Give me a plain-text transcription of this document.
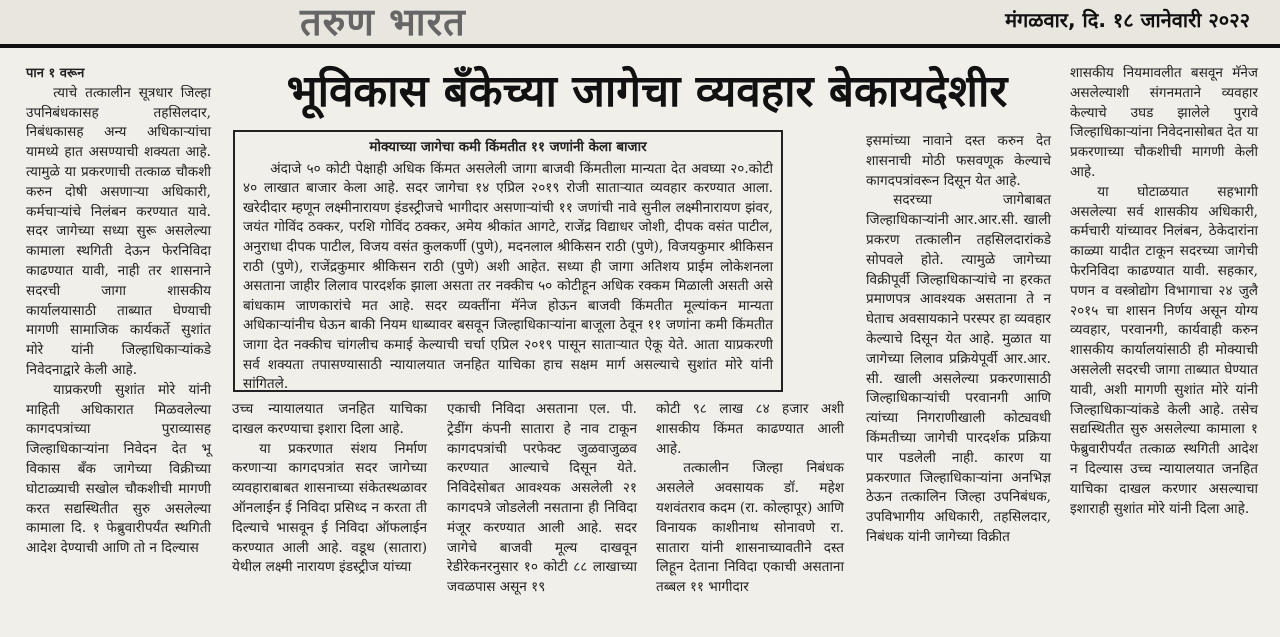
तरुण भारत	मंगळवार, दि. १८ जानेवारी २०२२
भूविकास बँकेच्या जागेचा व्यवहार बेकायदेशीर

पान १ वरून

त्याचे तत्कालीन सूत्रधार जिल्हा उपनिबंधकासह तहसिलदार, निबंधकासह अन्य अधिकाऱ्यांचा यामध्ये हात असण्याची शक्यता आहे. त्यामुळे या प्रकरणाची तत्काळ चौकशी करुन दोषी असणाऱ्या अधिकारी, कर्मचाऱ्यांचे निलंबन करण्यात यावे. सदर जागेच्या सध्या सुरू असलेल्या कामाला स्थगिती देऊन फेरनिविदा काढण्यात यावी, नाही तर शासनाने सदरची जागा शासकीय कार्यालयासाठी ताब्यात घेण्याची मागणी सामाजिक कार्यकर्ते सुशांत मोरे यांनी जिल्हाधिकाऱ्यांकडे निवेदनाद्वारे केली आहे.

याप्रकरणी सुशांत मोरे यांनी माहिती अधिकारात मिळवलेल्या कागदपत्रांच्या पुराव्यासह जिल्हाधिकाऱ्यांना निवेदन देत भू विकास बँक जागेच्या विक्रीच्या घोटाळ्याची सखोल चौकशीची मागणी करत सद्यस्थितीत सुरु असलेल्या कामाला दि. १ फेब्रुवारीपर्यंत स्थगिती आदेश देण्याची आणि तो न दिल्यास

मोक्याच्या जागेचा कमी किंमतीत ११ जणांनी केला बाजार

अंदाजे ५० कोटी पेक्षाही अधिक किंमत असलेली जागा बाजवी किंमतीला मान्यता देत अवघ्या २०.कोटी ४० लाखात बाजार केला आहे. सदर जागेचा १४ एप्रिल २०१९ रोजी सातार्‍यात व्यवहार करण्यात आला. खरेदीदार म्हणून लक्ष्मीनारायण इंडस्ट्रीजचे भागीदार असणाऱ्यांची ११ जणांची नावे सुनील लक्ष्मीनारायण झंवर, जयंत गोविंद ठक्कर, परशि गोविंद ठक्कर, अमेय श्रीकांत आगटे, राजेंद्र विद्याधर जोशी, दीपक वसंत पाटील, अनुराधा दीपक पाटील, विजय वसंत कुलकर्णी (पुणे), मदनलाल श्रीकिसन राठी (पुणे), विजयकुमार श्रीकिसन राठी (पुणे), राजेंद्रकुमार श्रीकिसन राठी (पुणे) अशी आहेत. सध्या ही जागा अतिशय प्राईम लोकेशनला असताना जाहीर लिलाव पारदर्शक झाला असता तर नक्कीच ५० कोटीहून अधिक रक्कम मिळाली असती असे बांधकाम जाणकारांचे मत आहे. सदर व्यक्तींना मॅनेज होऊन बाजवी किंमतीत मूल्यांकन मान्यता अधिकाऱ्यांनीच घेऊन बाकी नियम धाब्यावर बसवून जिल्हाधिकाऱ्यांना बाजूला ठेवून ११ जणांना कमी किंमतीत जागा देत नक्कीच चांगलीच कमाई केल्याची चर्चा एप्रिल २०१९ पासून सातार्‍यात ऐकू येते. आता याप्रकरणी सर्व शक्यता तपासण्यासाठी न्यायालयात जनहित याचिका हाच सक्षम मार्ग असल्याचे सुशांत मोरे यांनी सांगितले.

उच्च न्यायालयात जनहित याचिका दाखल करण्याचा इशारा दिला आहे.

या प्रकरणात संशय निर्माण करणाऱ्या कागदपत्रांत सदर जागेच्या व्यवहाराबाबत शासनाच्या संकेतस्थळावर ऑनलाईन ई निविदा प्रसिध्द न करता ती दिल्याचे भासवून ई निविदा ऑफलाईन करण्यात आली आहे. वडूथ (सातारा) येथील लक्ष्मी नारायण इंडस्ट्रीज यांच्या

एकाची निविदा असताना एल. पी. ट्रेडींग कंपनी सातारा हे नाव टाकून कागदपत्रांची परफेक्ट जुळवाजुळव करण्यात आल्याचे दिसून येते. निविदेसोबत आवश्यक असलेली २१ कागदपत्रे जोडलेली नसताना ही निविदा मंजूर करण्यात आली आहे. सदर जागेचे बाजवी मूल्य दाखवून रेडीरेकनरनुसार १० कोटी ८८ लाखाच्या जवळपास असून १९

कोटी ९८ लाख ८४ हजार अशी शासकीय किंमत काढण्यात आली आहे.

तत्कालीन जिल्हा निबंधक असलेले अवसायक डॉ. महेश यशवंतराव कदम (रा. कोल्हापूर) आणि विनायक काशीनाथ सोनावणे रा. सातारा यांनी शासनाच्यावतीने दस्त लिहून देताना निविदा एकाची असताना तब्बल ११ भागीदार

इसमांच्या नावाने दस्त करुन देत शासनाची मोठी फसवणूक केल्याचे कागदपत्रांवरून दिसून येत आहे.

सदरच्या जागेबाबत जिल्हाधिकाऱ्यांनी आर.आर.सी. खाली प्रकरण तत्कालीन तहसिलदारांकडे सोपवले होते. त्यामुळे जागेच्या विक्रीपूर्वी जिल्हाधिकाऱ्यांचे ना हरकत प्रमाणपत्र आवश्यक असताना ते न घेताच अवसायकाने परस्पर हा व्यवहार केल्याचे दिसून येत आहे. मुळात या जागेच्या लिलाव प्रक्रियेपूर्वी आर.आर. सी. खाली असलेल्या प्रकरणासाठी जिल्हाधिकाऱ्यांची परवानगी आणि त्यांच्या निगराणीखाली कोट्यवधी किंमतीच्या जागेची पारदर्शक प्रक्रिया पार पडलेली नाही. कारण या प्रकरणात जिल्हाधिकाऱ्यांना अनभिज्ञ ठेऊन तत्कालिन जिल्हा उपनिबंधक, उपविभागीय अधिकारी, तहसिलदार, निबंधक यांनी जागेच्या विक्रीत

शासकीय नियमावलीत बसवून मॅनेज असलेल्याशी संगनमताने व्यवहार केल्याचे उघड झालेले पुरावे जिल्हाधिकाऱ्यांना निवेदनासोबत देत या प्रकरणाच्या चौकशीची मागणी केली आहे.

या घोटाळयात सहभागी असलेल्या सर्व शासकीय अधिकारी, कर्मचारी यांच्यावर निलंबन, ठेकेदारांना काळ्या यादीत टाकून सदरच्या जागेची फेरनिविदा काढण्यात यावी. सहकार, पणन व वस्त्रोद्योग विभागाचा २४ जुलै २०१५ चा शासन निर्णय असून योग्य व्यवहार, परवानगी, कार्यवाही करुन शासकीय कार्यालयांसाठी ही मोक्याची असलेली सदरची जागा ताब्यात घेण्यात यावी, अशी मागणी सुशांत मोरे यांनी जिल्हाधिकाऱ्यांकडे केली आहे. तसेच सद्यस्थितीत सुरु असलेल्या कामाला १ फेब्रुवारीपर्यंत तत्काळ स्थगिती आदेश न दिल्यास उच्च न्यायालयात जनहित याचिका दाखल करणार असल्याचा इशाराही सुशांत मोरे यांनी दिला आहे.
